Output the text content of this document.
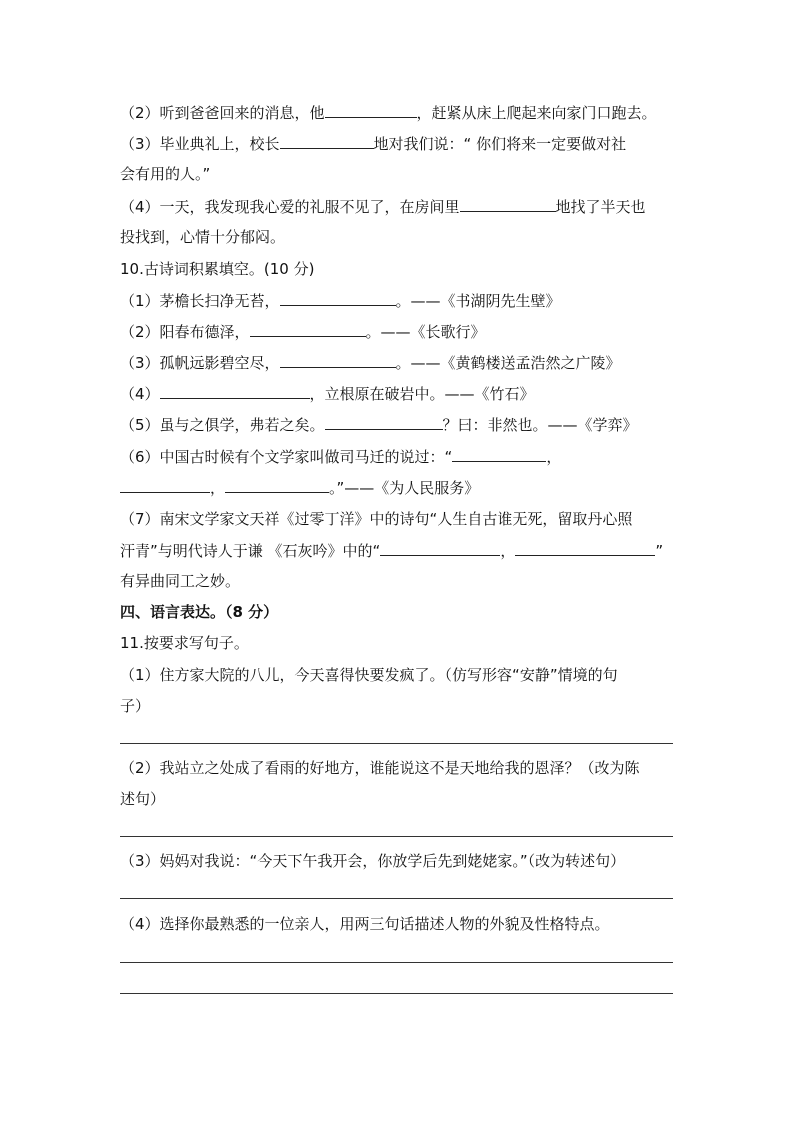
（2）听到爸爸回来的消息，他	，赶紧从床上爬起来向家门口跑去。
（3）毕业典礼上，校长	地对我们说：“ 你们将来一定要做对社
会有用的人。”
（4）一天，我发现我心爱的礼服不见了，在房间里	地找了半天也
投找到，心情十分郁闷。
10.古诗词积累填空。(10 分)
（1）茅檐长扫净无苔，	。——《书湖阴先生壁》
（2）阳春布德泽，	。——《长歌行》
（3）孤帆远影碧空尽，	。——《黄鹤楼送孟浩然之广陵》
（4）	，立根原在破岩中。——《竹石》
（5）虽与之俱学，弗若之矣。	？曰：非然也。——《学弈》
（6）中国古时候有个文学家叫做司马迁的说过：“	，
，	。”——《为人民服务》
（7）南宋文学家文天祥《过零丁洋》中的诗句“人生自古谁无死，留取丹心照
汗青”与明代诗人于谦 《石灰吟》中的“	，	”
有异曲同工之妙。
四、语言表达。（8 分）
11.按要求写句子。
（1）住方家大院的八儿，今天喜得快要发疯了。（仿写形容“安静”情境的句
子）
（2）我站立之处成了看雨的好地方，谁能说这不是天地给我的恩泽？（改为陈
述句）
（3）妈妈对我说：“今天下午我开会，你放学后先到姥姥家。”（改为转述句）
（4）选择你最熟悉的一位亲人，用两三句话描述人物的外貌及性格特点。
